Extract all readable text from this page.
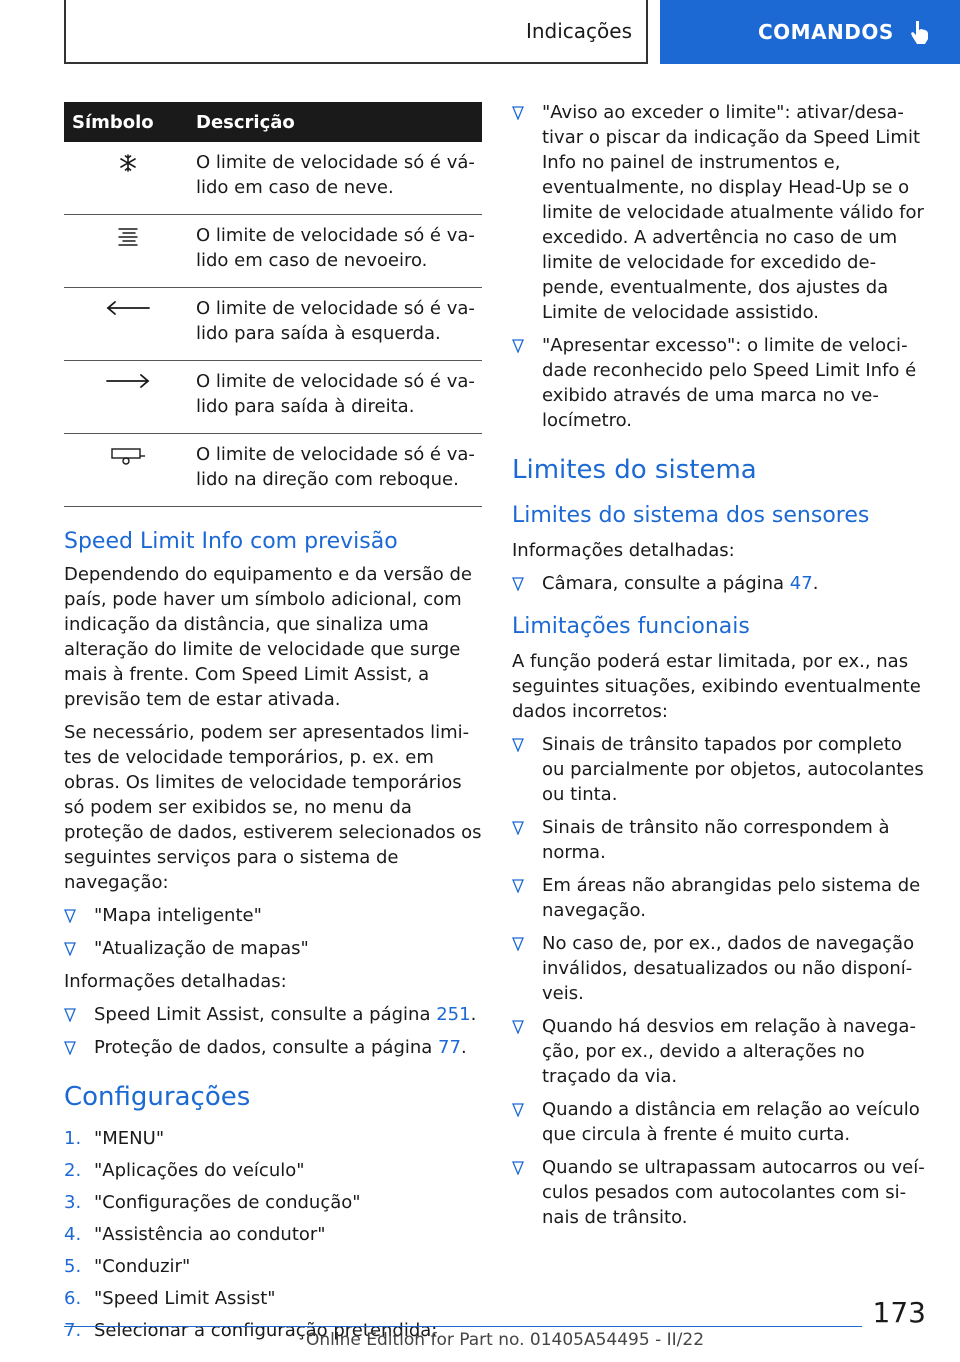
Indicações	COMANDOS
Símbolo	Descrição

	O limite de velocidade só é válido em caso de neve.

	O limite de velocidade só é valido em caso de nevoeiro.

	O limite de velocidade só é valido para saída à esquerda.

	O limite de velocidade só é valido para saída à direita.

	O limite de velocidade só é valido na direção com reboque.
Speed Limit Info com previsão

Dependendo do equipamento e da versão de país, pode haver um símbolo adicional, com indicação da distância, que sinaliza uma alteração do limite de velocidade que surge mais à frente. Com Speed Limit Assist, a previsão tem de estar ativada.

Se necessário, podem ser apresentados limites de velocidade temporários, p. ex. em obras. Os limites de velocidade temporários só podem ser exibidos se, no menu da proteção de dados, estiverem selecionados os seguintes serviços para o sistema de navegação:

"Mapa inteligente"
"Atualização de mapas"

Informações detalhadas:

Speed Limit Assist, consulte a página 251.
Proteção de dados, consulte a página 77.
Configurações
1. "MENU"
2. "Aplicações do veículo"
3. "Configurações de condução"
4. "Assistência ao condutor"
5. "Conduzir"
6. "Speed Limit Assist"
7. Selecionar a configuração pretendida:
"Aviso ao exceder o limite": ativar/desativar o piscar da indicação da Speed Limit Info no painel de instrumentos e, eventualmente, no display Head-Up se o limite de velocidade atualmente válido for excedido. A advertência no caso de um limite de velocidade for excedido depende, eventualmente, dos ajustes da Limite de velocidade assistido.
"Apresentar excesso": o limite de velocidade reconhecido pelo Speed Limit Info é exibido através de uma marca no velocímetro.
Limites do sistema
Limites do sistema dos sensores

Informações detalhadas:

Câmara, consulte a página 47.
Limitações funcionais

A função poderá estar limitada, por ex., nas seguintes situações, exibindo eventualmente dados incorretos:

Sinais de trânsito tapados por completo ou parcialmente por objetos, autocolantes ou tinta.
Sinais de trânsito não correspondem à norma.
Em áreas não abrangidas pelo sistema de navegação.
No caso de, por ex., dados de navegação inválidos, desatualizados ou não disponíveis.
Quando há desvios em relação à navegação, por ex., devido a alterações no traçado da via.
Quando a distância em relação ao veículo que circula à frente é muito curta.
Quando se ultrapassam autocarros ou veículos pesados com autocolantes com sinais de trânsito.
173
Online Edition for Part no. 01405A54495 - II/22
